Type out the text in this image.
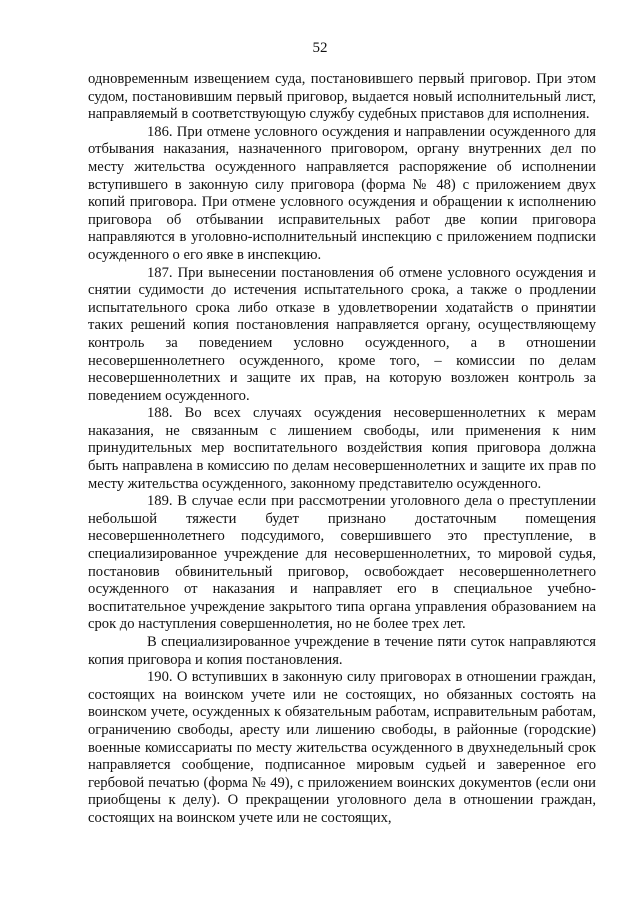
52

одновременным извещением суда, постановившего первый приговор. При этом судом, постановившим первый приговор, выдается новый исполнительный лист, направляемый в соответствующую службу судебных приставов для исполнения.

186. При отмене условного осуждения и направлении осужденного для отбывания наказания, назначенного приговором, органу внутренних дел по месту жительства осужденного направляется распоряжение об исполнении вступившего в законную силу приговора (форма № 48) с приложением двух копий приговора. При отмене условного осуждения и обращении к исполнению приговора об отбывании исправительных работ две копии приговора направляются в уголовно-исполнительный инспекцию с приложением подписки осужденного о его явке в инспекцию.

187. При вынесении постановления об отмене условного осуждения и снятии судимости до истечения испытательного срока, а также о продлении испытательного срока либо отказе в удовлетворении ходатайств о принятии таких решений копия постановления направляется органу, осуществляющему контроль за поведением условно осужденного, а в отношении несовершеннолетнего осужденного, кроме того, – комиссии по делам несовершеннолетних и защите их прав, на которую возложен контроль за поведением осужденного.

188. Во всех случаях осуждения несовершеннолетних к мерам наказания, не связанным с лишением свободы, или применения к ним принудительных мер воспитательного воздействия копия приговора должна быть направлена в комиссию по делам несовершеннолетних и защите их прав по месту жительства осужденного, законному представителю осужденного.

189. В случае если при рассмотрении уголовного дела о преступлении небольшой тяжести будет признано достаточным помещения несовершеннолетнего подсудимого, совершившего это преступление, в специализированное учреждение для несовершеннолетних, то мировой судья, постановив обвинительный приговор, освобождает несовершеннолетнего осужденного от наказания и направляет его в специальное учебно-воспитательное учреждение закрытого типа органа управления образованием на срок до наступления совершеннолетия, но не более трех лет.

В специализированное учреждение в течение пяти суток направляются копия приговора и копия постановления.

190. О вступивших в законную силу приговорах в отношении граждан, состоящих на воинском учете или не состоящих, но обязанных состоять на воинском учете, осужденных к обязательным работам, исправительным работам, ограничению свободы, аресту или лишению свободы, в районные (городские) военные комиссариаты по месту жительства осужденного в двухнедельный срок направляется сообщение, подписанное мировым судьей и заверенное его гербовой печатью (форма № 49), с приложением воинских документов (если они приобщены к делу). О прекращении уголовного дела в отношении граждан, состоящих на воинском учете или не состоящих,
